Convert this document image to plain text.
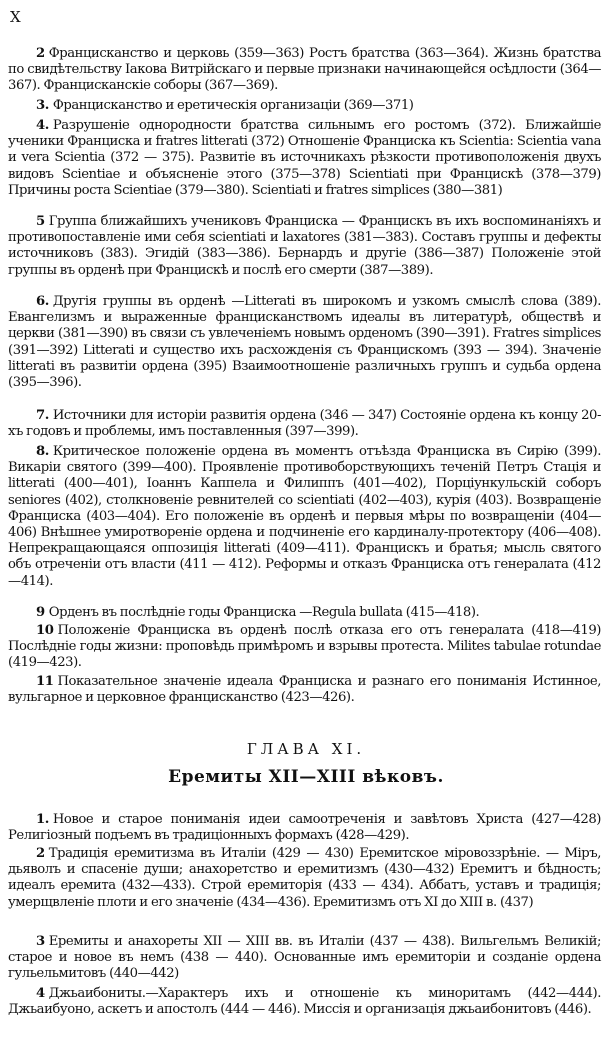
X

2 Францисканство и церковь (359—363) Ростъ братства (363—364). Жизнь братства по свидѣтельству Іакова Витрійскаго и первые признаки начинающейся осѣдлости (364—367). Францисканскіе соборы (367—369).

3. Францисканство и еретическія организаціи (369—371)

4. Разрушеніе однородности братства сильнымъ его ростомъ (372). Ближайшіе ученики Франциска и fratres litterati (372) Отношеніе Франциска къ Scientia: Scientia vana и vera Scientia (372 — 375). Развитіе въ источникахъ рѣзкости противоположенія двухъ видовъ Scientiae и объясненіе этого (375—378) Scientiati при Францискѣ (378—379) Причины роста Scientiae (379—380). Scientiati и fratres simplices (380—381)

5 Группа ближайшихъ учениковъ Франциска — Францискъ въ ихъ воспоминаніяхъ и противопоставленіе ими себя scientiati и laxatores (381—383). Составъ группы и дефекты источниковъ (383). Эгидій (383—386). Бернардъ и другіе (386—387) Положеніе этой группы въ орденѣ при Францискѣ и послѣ его смерти (387—389).

6. Другія группы въ орденѣ —Litterati въ широкомъ и узкомъ смыслѣ слова (389). Евангелизмъ и выраженные францисканствомъ идеалы въ литературѣ, обществѣ и церкви (381—390) въ связи съ увлеченіемъ новымъ орденомъ (390—391). Fratres simplices (391—392) Litterati и существо ихъ расхожденія съ Францискомъ (393 — 394). Значеніе litterati въ развитіи ордена (395) Взаимоотношеніе различныхъ группъ и судьба ордена (395—396).

7. Источники для исторіи развитія ордена (346 — 347) Состояніе ордена къ концу 20-хъ годовъ и проблемы, имъ поставленныя (397—399).

8. Критическое положеніе ордена въ моментъ отъѣзда Франциска въ Сирію (399). Викаріи святого (399—400). Проявленіе противоборствующихъ теченій Петръ Стація и litterati (400—401), Іоаннъ Каппела и Филиппъ (401—402), Порціункульскій соборъ seniores (402), столкновеніе ревнителей со scientiati (402—403), курія (403). Возвращеніе Франциска (403—404). Его положеніе въ орденѣ и первыя мѣры по возвращеніи (404—406) Внѣшнее умиротвореніе ордена и подчиненіе его кардиналу-протектору (406—408). Непрекращающаяся оппозиція litterati (409—411). Францискъ и братья; мысль святого объ отреченіи отъ власти (411 — 412). Реформы и отказъ Франциска отъ генералата (412—414).

9 Орденъ въ послѣдніе годы Франциска —Regula bullata (415—418).

10 Положеніе Франциска въ орденѣ послѣ отказа его отъ генералата (418—419) Послѣдніе годы жизни: проповѣдь примѣромъ и взрывы протеста. Milites tabulae rotundae (419—423).

11 Показательное значеніе идеала Франциска и разнаго его пониманія Истинное, вульгарное и церковное францисканство (423—426).

ГЛАВА XI.
Еремиты XII—XIII вѣковъ.

1. Новое и старое пониманія идеи самоотреченія и завѣтовъ Христа (427—428) Религіозный подъемъ въ традиціонныхъ формахъ (428—429).

2 Традиція еремитизма въ Италіи (429 — 430) Еремитское міровоззрѣніе. — Міръ, дьяволъ и спасеніе души; анахоретство и еремитизмъ (430—432) Еремитъ и бѣдность; идеалъ еремита (432—433). Строй еремиторія (433 — 434). Аббатъ, уставъ и традиція; умерщвленіе плоти и его значеніе (434—436). Еремитизмъ отъ XI до XIII в. (437)

3 Еремиты и анахореты XII — XIII вв. въ Италіи (437 — 438). Вильгельмъ Великій; старое и новое въ немъ (438 — 440). Основанные имъ еремиторіи и созданіе ордена гульельмитовъ (440—442)

4 Джьаибониты.—Характеръ ихъ и отношеніе къ миноритамъ (442—444). Джьаибуоно, аскетъ и апостолъ (444 — 446). Миссія и организація джьаибонитовъ (446).
